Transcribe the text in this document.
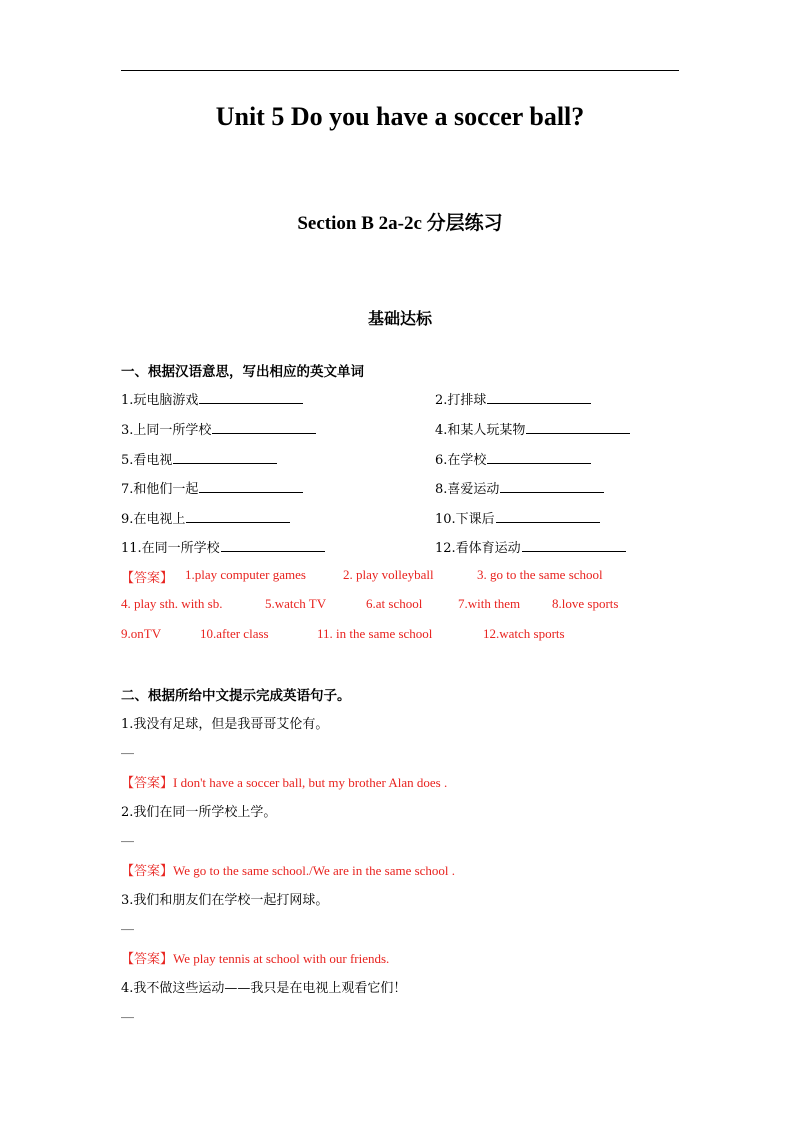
Unit 5 Do you have a soccer ball?
Section B 2a-2c 分层练习
基础达标
一、根据汉语意思，写出相应的英文单词
1.玩电脑游戏	2.打排球
3.上同一所学校	4.和某人玩某物
5.看电视	6.在学校
7.和他们一起	8.喜爱运动
9.在电视上	10.下课后
11.在同一所学校	12.看体育运动
【答案】 1.play computer games	2. play volleyball	3. go to the same school
4. play sth. with sb.	5.watch TV	6.at school	7.with them 8.love sports
9.onTV	10.after class	11. in the same school	12.watch sports
二、根据所给中文提示完成英语句子。
1.我没有足球，但是我哥哥艾伦有。
__
【答案】I don't have a soccer ball, but my brother Alan does .
2.我们在同一所学校上学。
__
【答案】We go to the same school./We are in the same school .
3.我们和朋友们在学校一起打网球。
__
【答案】We play tennis at school with our friends.
4.我不做这些运动——我只是在电视上观看它们！
__
